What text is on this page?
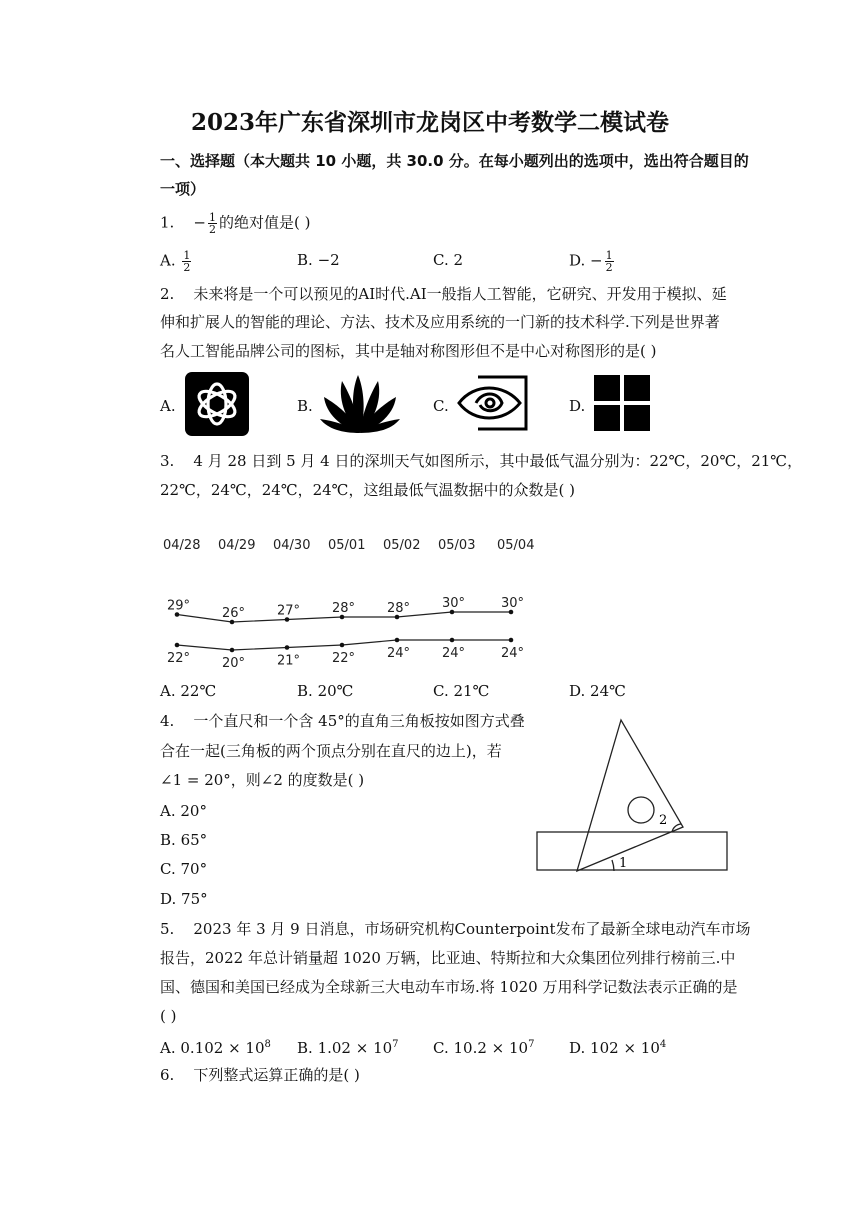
2023年广东省深圳市龙岗区中考数学二模试卷
一、选择题（本大题共 10 小题，共 30.0 分。在每小题列出的选项中，选出符合题目的
一项）
1. − $\frac{1}{2}$ 的绝对值是( )
A. $\frac{1}{2}$	B. −2	C. 2	D. − $\frac{1}{2}$
2. 未来将是一个可以预见的AI时代.AI一般指人工智能，它研究、开发用于模拟、延
伸和扩展人的智能的理论、方法、技术及应用系统的一门新的技术科学.下列是世界著
名人工智能品牌公司的图标，其中是轴对称图形但不是中心对称图形的是( )
A.	B.	C.	D.
3. 4 月 28 日到 5 月 4 日的深圳天气如图所示，其中最低气温分别为：22℃，20℃，21℃，
22℃，24℃，24℃，24℃，这组最低气温数据中的众数是( )
04/28 04/29 04/30 05/01 05/02 05/03 05/04
29° 26° 27° 28° 28° 30°	30°
22° 20° 21° 22° 24° 24°	24°
A. 22℃	B. 20℃	C. 21℃	D. 24℃
4. 一个直尺和一个含 45°的直角三角板按如图方式叠
合在一起(三角板的两个顶点分别在直尺的边上)，若
∠1 = 20°，则∠2 的度数是( )
A. 20°
B. 65°
C. 70°
D. 75°
1
2
5. 2023 年 3 月 9 日消息，市场研究机构Counterpoint发布了最新全球电动汽车市场
报告，2022 年总计销量超 1020 万辆，比亚迪、特斯拉和大众集团位列排行榜前三.中
国、德国和美国已经成为全球新三大电动车市场.将 1020 万用科学记数法表示正确的是
( )
A. $0.102 \times 10^8$ B. $1.02 \times 10^7$ C. $10.2 \times 10^7$ D. $102 \times 10^4$
6. 下列整式运算正确的是( )
